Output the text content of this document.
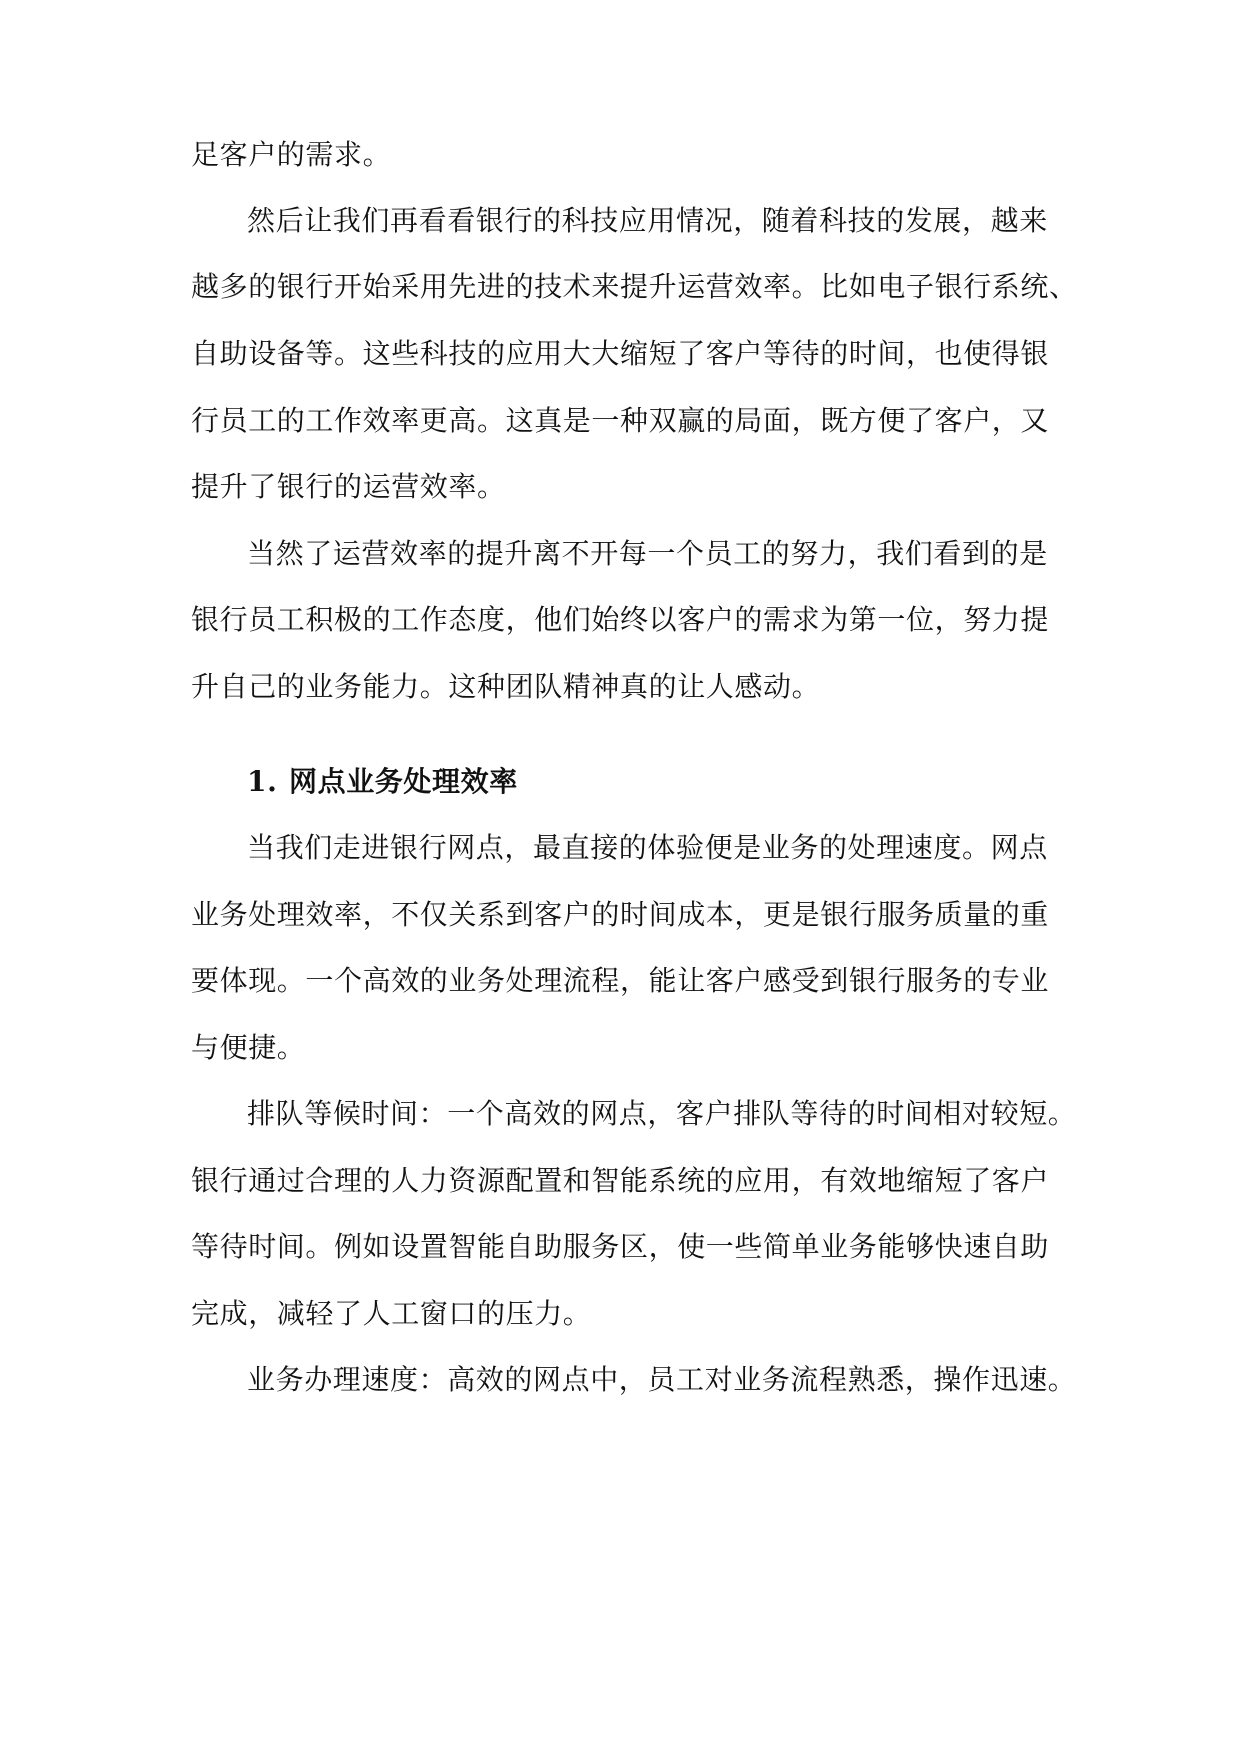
足客户的需求。
然后让我们再看看银行的科技应用情况，随着科技的发展，越来
越多的银行开始采用先进的技术来提升运营效率。比如电子银行系统、
自助设备等。这些科技的应用大大缩短了客户等待的时间，也使得银
行员工的工作效率更高。这真是一种双赢的局面，既方便了客户，又
提升了银行的运营效率。
当然了运营效率的提升离不开每一个员工的努力，我们看到的是
银行员工积极的工作态度，他们始终以客户的需求为第一位，努力提
升自己的业务能力。这种团队精神真的让人感动。
1. 网点业务处理效率
当我们走进银行网点，最直接的体验便是业务的处理速度。网点
业务处理效率，不仅关系到客户的时间成本，更是银行服务质量的重
要体现。一个高效的业务处理流程，能让客户感受到银行服务的专业
与便捷。
排队等候时间：一个高效的网点，客户排队等待的时间相对较短。
银行通过合理的人力资源配置和智能系统的应用，有效地缩短了客户
等待时间。例如设置智能自助服务区，使一些简单业务能够快速自助
完成，减轻了人工窗口的压力。
业务办理速度：高效的网点中，员工对业务流程熟悉，操作迅速。
